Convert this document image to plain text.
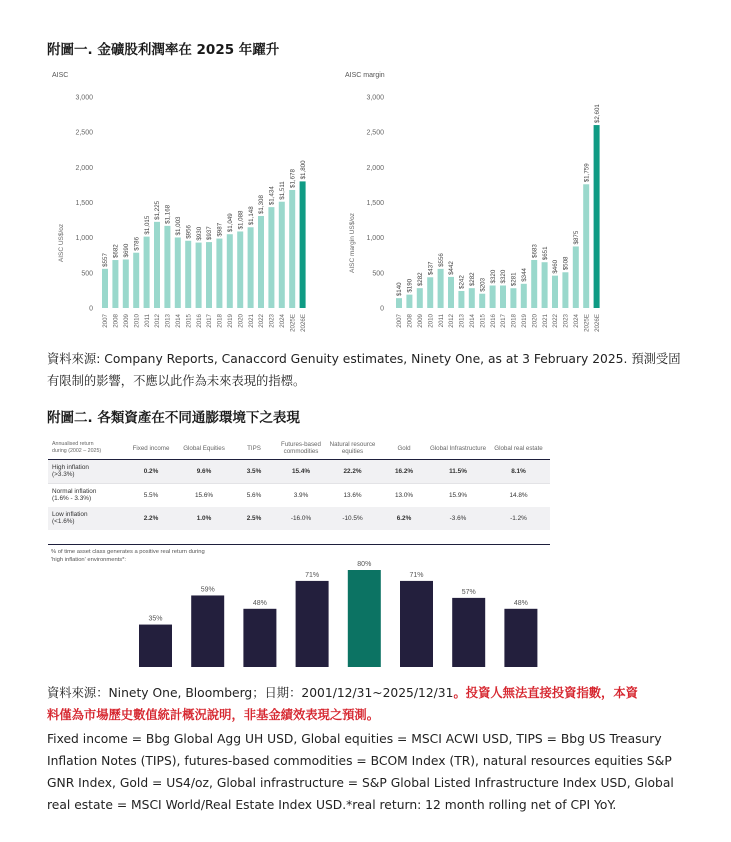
附圖一. 金礦股利潤率在 2025 年躍升
AISC
AISC US$/oz
0
500
1,000
1,500
2,000
2,500
3,000
$557
$682 $690 $786
$1,015
$1,225 $1,168
$1,003 $956 $930 $937 $987 $1,049 $1,088 $1,148
$1,308 $1,434 $1,511
$1,678 $1,800
2007 2008 2009 2010 2011 2012 2013 2014 2015 2016 2017 2018 2019 2020 2021 2022 2023 2024 2025E 2026E
AISC margin
AISC margin US$/oz
0
500
1,000
1,500
2,000
2,500
3,000
$140 $190 $282
$437
$556
$442
$242 $282 $203
$320 $320 $281 $344
$683 $651
$460 $508
$875
$1,759
$2,601
2007 2008 2009 2010 2011 2012 2013 2014 2015 2016 2017 2018 2019 2020 2021 2022 2023 2024 2025E 2026E
資料來源: Company Reports, Canaccord Genuity estimates, Ninety One, as at 3 February 2025. 預測受固
有限制的影響，不應以此作為未來表現的指標。
附圖二. 各類資產在不同通膨環境下之表現
Annualised return
during (2002 – 2025)	Fixed income	Global Equities	TIPS	Futures-based commodities	Natural resource equities	Gold	Global Infrastructure	Global real estate

High inflation
(>3.3%)	0.2%	9.6%	3.5%	15.4%	22.2%	16.2%	11.5%	8.1%

Normal inflation
(1.6% - 3.3%)	5.5%	15.6%	5.6%	3.9%	13.6%	13.0%	15.9%	14.8%

Low inflation
(<1.6%)	2.2%	1.0%	2.5%	-16.0%	-10.5%	6.2%	-3.6%	-1.2%
% of time asset class generates a positive real return during
'high inflation' environments*:
35%
59%
48%
71%
80%
71%
57%
48%
資料來源：Ninety One, Bloomberg；日期：2001/12/31~2025/12/31。投資人無法直接投資指數，本資
料僅為市場歷史數值統計概況說明，非基金績效表現之預測。
Fixed income = Bbg Global Agg UH USD, Global equities = MSCI ACWI USD, TIPS = Bbg US Treasury
Inflation Notes (TIPS), futures-based commodities = BCOM Index (TR), natural resources equities S&P
GNR Index, Gold = US4/oz, Global infrastructure = S&P Global Listed Infrastructure Index USD, Global
real estate = MSCI World/Real Estate Index USD.*real return: 12 month rolling net of CPI YoY.
